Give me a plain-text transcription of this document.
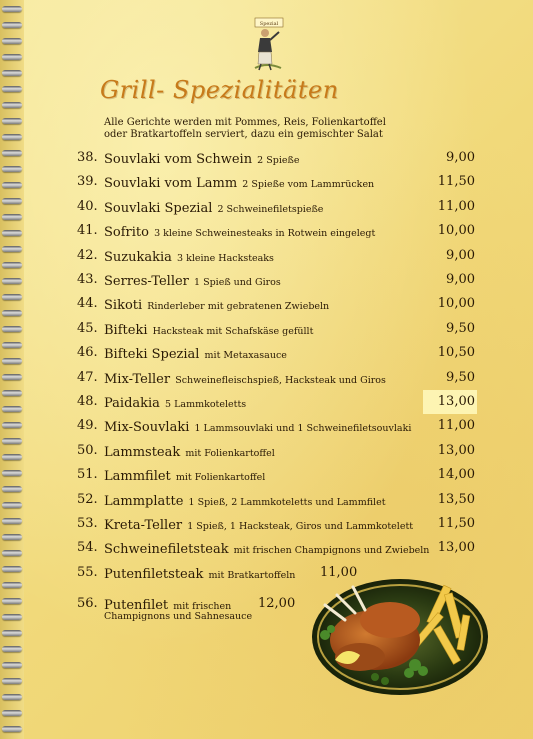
Spezial
Grill- Spezialitäten
Alle Gerichte werden mit Pommes, Reis, Folienkartoffel
oder Bratkartoffeln serviert, dazu ein gemischter Salat
38. Souvlaki vom Schwein 2 Spieße	9,00
39. Souvlaki vom Lamm 2 Spieße vom Lammrücken	11,50
40. Souvlaki Spezial 2 Schweinefiletspieße	11,00
41. Sofrito 3 kleine Schweinesteaks in Rotwein eingelegt	10,00
42. Suzukakia 3 kleine Hacksteaks	9,00
43. Serres-Teller 1 Spieß und Giros	9,00
44. Sikoti Rinderleber mit gebratenen Zwiebeln	10,00
45. Bifteki Hacksteak mit Schafskäse gefüllt	9,50
46. Bifteki Spezial mit Metaxasauce	10,50
47. Mix-Teller Schweinefleischspieß, Hacksteak und Giros	9,50
48. Paidakia 5 Lammkoteletts	13,00
49. Mix-Souvlaki 1 Lammsouvlaki und 1 Schweinefiletsouvlaki	11,00
50. Lammsteak mit Folienkartoffel	13,00
51. Lammfilet mit Folienkartoffel	14,00
52. Lammplatte 1 Spieß, 2 Lammkoteletts und Lammfilet	13,50
53. Kreta-Teller 1 Spieß, 1 Hacksteak, Giros und Lammkotelett	11,50
54. Schweinefiletsteak mit frischen Champignons und Zwiebeln 13,00
55. Putenfiletsteak mit Bratkartoffeln 11,00
56. Putenfilet mit frischen
Champignons und Sahnesauce
12,00
